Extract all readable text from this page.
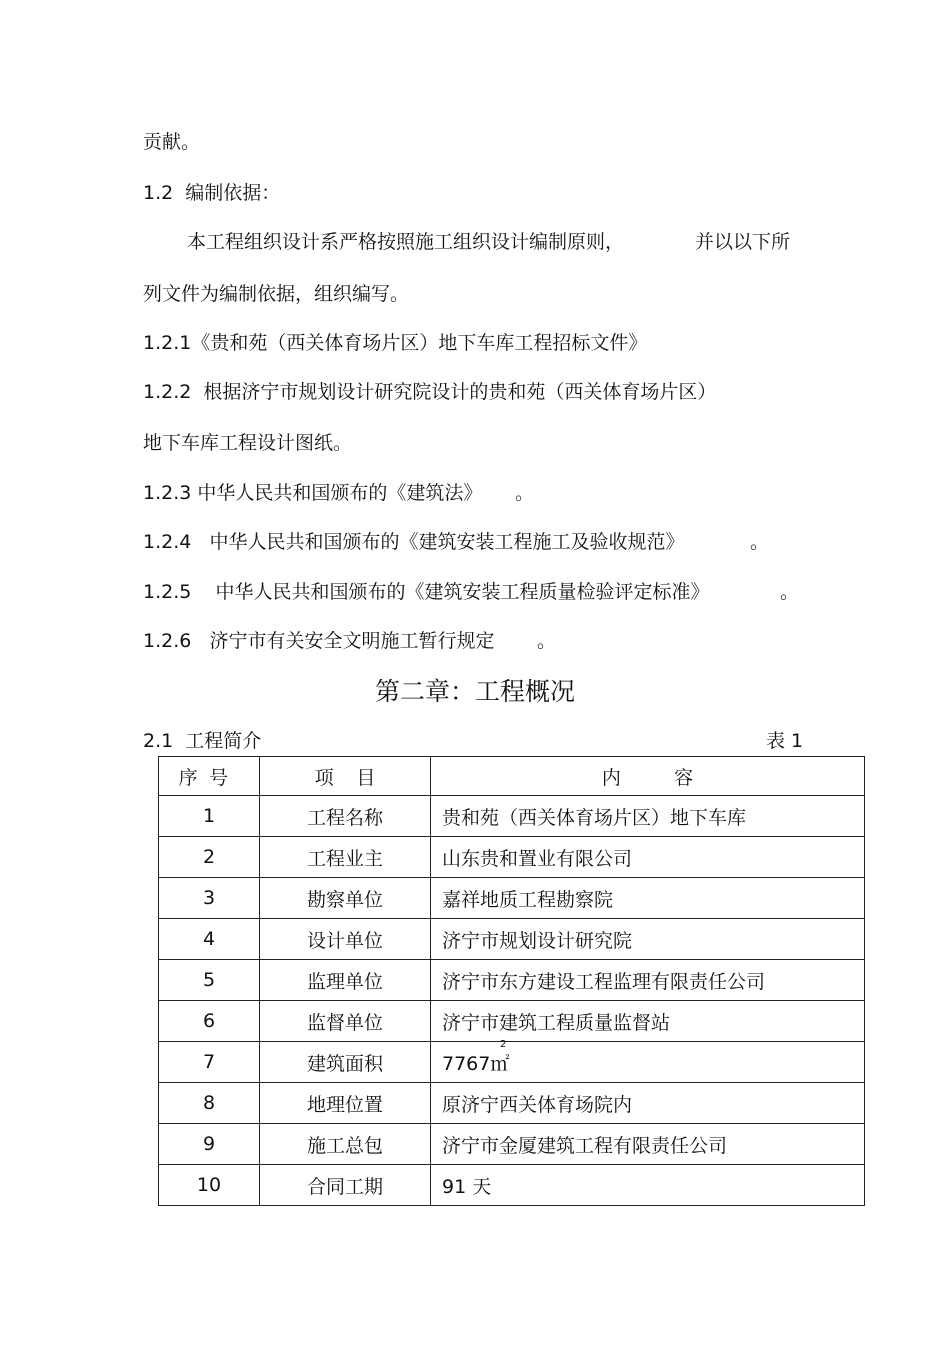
贡献。
1.2  编制依据：
本工程组织设计系严格按照施工组织设计编制原则，	并以以下所
列文件为编制依据，组织编写。
1.2.1《贵和苑（西关体育场片区）地下车库工程招标文件》
1.2.2  根据济宁市规划设计研究院设计的贵和苑（西关体育场片区）
地下车库工程设计图纸。
1.2.3 中华人民共和国颁布的《建筑法》 。
1.2.4   中华人民共和国颁布的《建筑安装工程施工及验收规范》	。
1.2.5    中华人民共和国颁布的《建筑安装工程质量检验评定标准》	。
1.2.6   济宁市有关安全文明施工暂行规定 。
第二章：工程概况
2.1  工程简介	表 1
序号	项目	内容
1	工程名称	贵和苑（西关体育场片区）地下车库
2	工程业主	山东贵和置业有限公司
3	勘察单位	嘉祥地质工程勘察院
4	设计单位	济宁市规划设计研究院
5	监理单位	济宁市东方建设工程监理有限责任公司
6	监督单位	济宁市建筑工程质量监督站
7	建筑面积	7767㎡
2

8	地理位置	原济宁西关体育场院内
9	施工总包	济宁市金厦建筑工程有限责任公司
10	合同工期	91 天
